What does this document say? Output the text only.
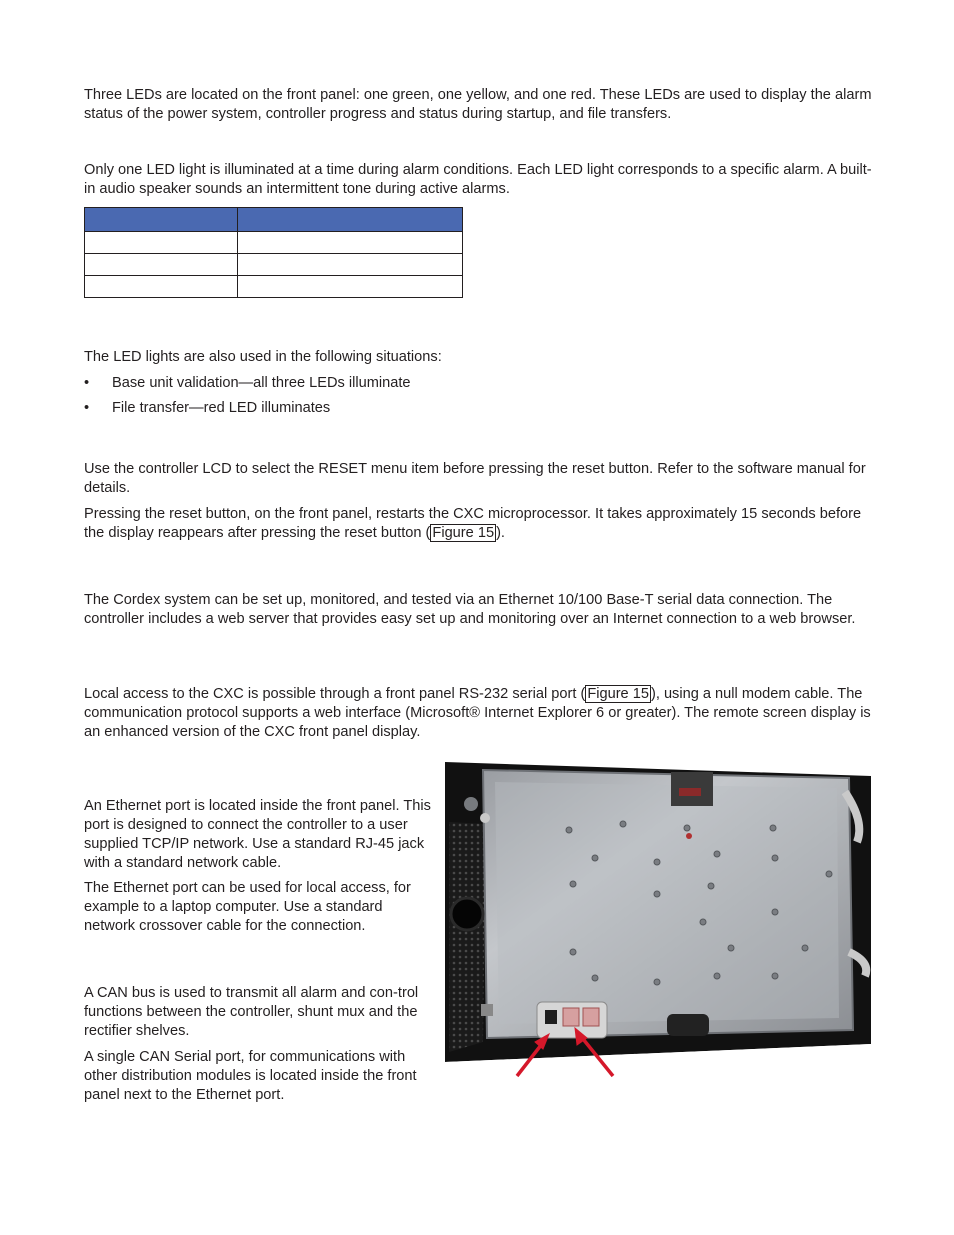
Three LEDs are located on the front panel: one green, one yellow, and one red. These LEDs are used to display the alarm status of the power system, controller progress and status during startup, and file transfers.

Only one LED light is illuminated at a time during alarm conditions. Each LED light corresponds to a specific alarm. A built-in audio speaker sounds an intermittent tone during active alarms.

The LED lights are also used in the following situations:

• Base unit validation—all three LEDs illuminate
• File transfer—red LED illuminates

Use the controller LCD to select the RESET menu item before pressing the reset button. Refer to the software manual for details.

Pressing the reset button, on the front panel, restarts the CXC microprocessor. It takes approximately 15 seconds before the display reappears after pressing the reset button ( Figure 15 ).

The Cordex system can be set up, monitored, and tested via an Ethernet 10/100 Base-T serial data connection. The controller includes a web server that provides easy set up and monitoring over an Internet connection to a web browser.

Local access to the CXC is possible through a front panel RS-232 serial port ( Figure 15 ), using a null modem cable. The communication protocol supports a web interface (Microsoft® Internet Explorer 6 or greater). The remote screen display is an enhanced version of the CXC front panel display.

An Ethernet port is located inside the front panel. This port is designed to connect the controller to a user supplied TCP/IP network. Use a standard RJ-45 jack with a standard network cable.

The Ethernet port can be used for local access, for example to a laptop computer. Use a standard network crossover cable for the connection.

A CAN bus is used to transmit all alarm and con-trol functions between the controller, shunt mux and the rectifier shelves.

A single CAN Serial port, for communications with other distribution modules is located inside the front panel next to the Ethernet port.
